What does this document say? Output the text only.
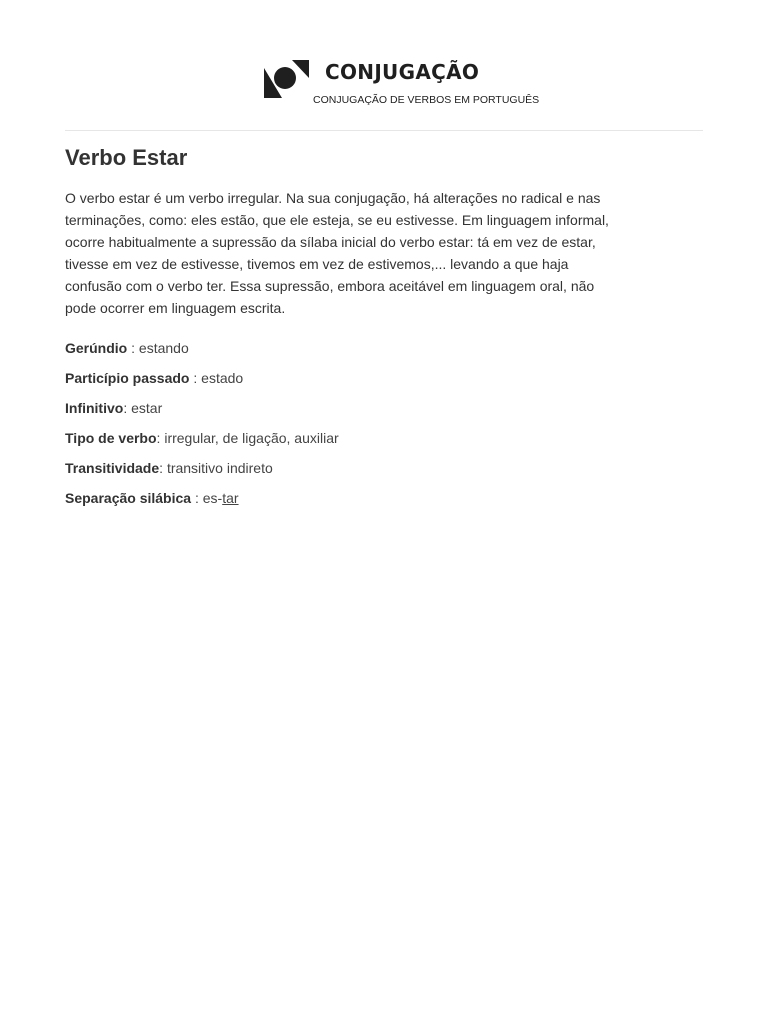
CONJUGAÇÃO
CONJUGAÇÃO DE VERBOS EM PORTUGUÊS
Verbo Estar

O verbo estar é um verbo irregular. Na sua conjugação, há alterações no radical e nas terminações, como: eles estão, que ele esteja, se eu estivesse. Em linguagem informal, ocorre habitualmente a supressão da sílaba inicial do verbo estar: tá em vez de estar, tivesse em vez de estivesse, tivemos em vez de estivemos,... levando a que haja confusão com o verbo ter. Essa supressão, embora aceitável em linguagem oral, não pode ocorrer em linguagem escrita.

Gerúndio : estando

Particípio passado : estado

Infinitivo: estar

Tipo de verbo: irregular, de ligação, auxiliar

Transitividade: transitivo indireto

Separação silábica : es-tar
